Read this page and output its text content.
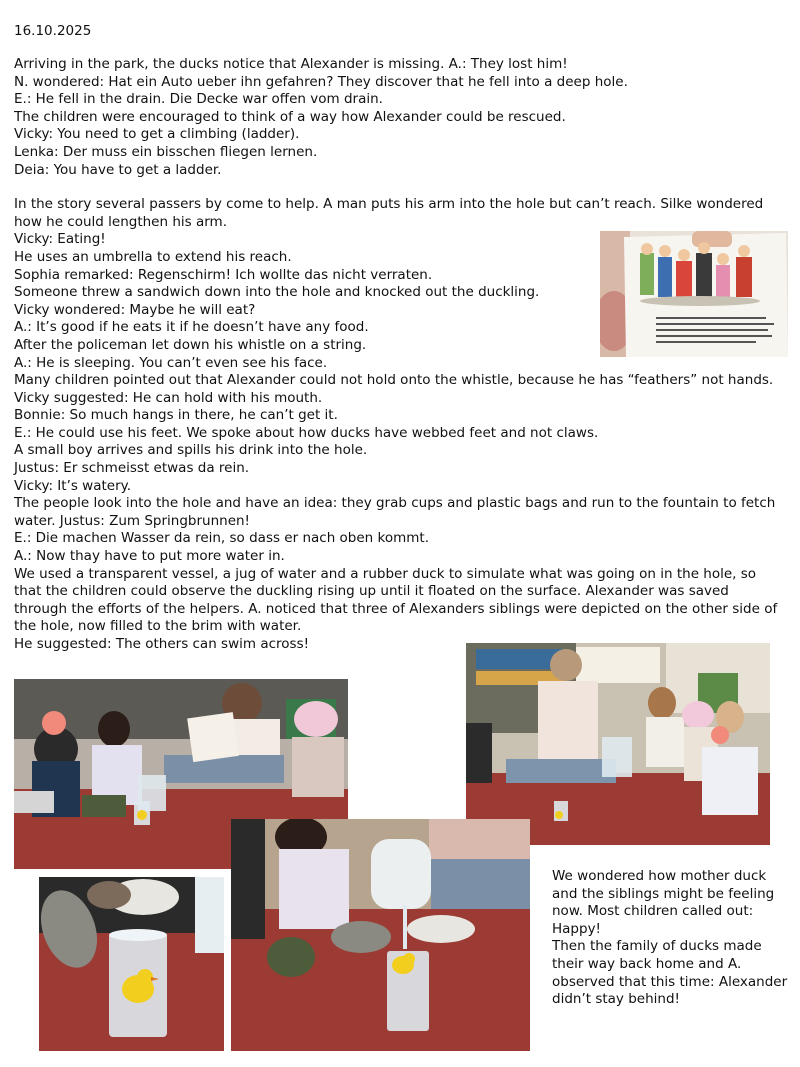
16.10.2025

Arriving in the park, the ducks notice that Alexander is missing. A.: They lost him!

N. wondered: Hat ein Auto ueber ihn gefahren? They discover that he fell into a deep hole.

E.: He fell in the drain. Die Decke war offen vom drain.

The children were encouraged to think of a way how Alexander could be rescued.

Vicky: You need to get a climbing (ladder).

Lenka: Der muss ein bisschen fliegen lernen.

Deia: You have to get a ladder.

In the story several passers by come to help. A man puts his arm into the hole but can’t reach. Silke wondered how he could lengthen his arm.

Vicky: Eating!

He uses an umbrella to extend his reach.

Sophia remarked: Regenschirm! Ich wollte das nicht verraten.

Someone threw a sandwich down into the hole and knocked out the duckling.

Vicky wondered: Maybe he will eat?

A.: It’s good if he eats it if he doesn’t have any food.

After the policeman let down his whistle on a string.

A.: He is sleeping. You can’t even see his face.

Many children pointed out that Alexander could not hold onto the whistle, because he has “feathers” not hands. Vicky suggested: He can hold with his mouth.

Bonnie: So much hangs in there, he can’t get it.

E.: He could use his feet. We spoke about how ducks have webbed feet and not claws.

A small boy arrives and spills his drink into the hole.

Justus: Er schmeisst etwas da rein.

Vicky: It’s watery.

The people look into the hole and have an idea: they grab cups and plastic bags and run to the fountain to fetch water. Justus: Zum Springbrunnen!

E.: Die machen Wasser da rein, so dass er nach oben kommt.

A.: Now thay have to put more water in.

We used a transparent vessel, a jug of water and a rubber duck to simulate what was going on in the hole, so that the children could observe the duckling rising up until it floated on the surface. Alexander was saved through the efforts of the helpers. A. noticed that three of Alexanders siblings were depicted on the other side of the hole, now filled to the brim with water.

He suggested: The others can swim across!

We wondered how mother duck and the siblings might be feeling now. Most children called out: Happy!

Then the family of ducks made their way back home and A. observed that this time: Alexander didn’t stay behind!
